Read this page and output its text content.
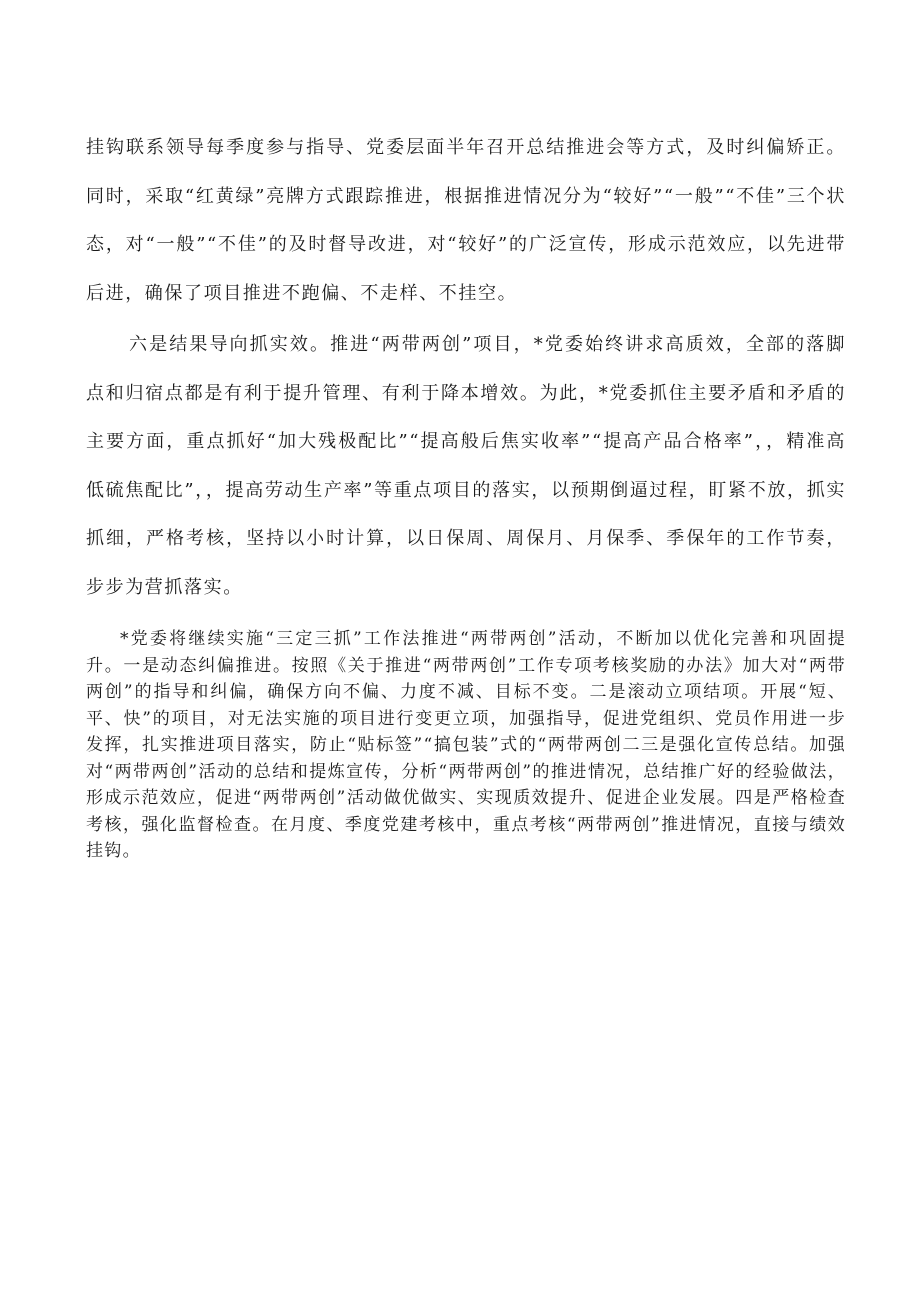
挂钩联系领导每季度参与指导、党委层面半年召开总结推进会等方式，及时纠偏矫正。同时，采取“红黄绿”亮牌方式跟踪推进，根据推进情况分为“较好”“一般”“不佳”三个状态，对“一般”“不佳”的及时督导改进，对“较好”的广泛宣传，形成示范效应，以先进带后进，确保了项目推进不跑偏、不走样、不挂空。

六是结果导向抓实效。推进“两带两创”项目，*党委始终讲求高质效，全部的落脚点和归宿点都是有利于提升管理、有利于降本增效。为此，*党委抓住主要矛盾和矛盾的主要方面，重点抓好“加大残极配比”“提高般后焦实收率”“提高产品合格率”，，精准高低硫焦配比”，，提高劳动生产率”等重点项目的落实，以预期倒逼过程，盯紧不放，抓实抓细，严格考核，坚持以小时计算，以日保周、周保月、月保季、季保年的工作节奏，步步为营抓落实。

*党委将继续实施“三定三抓”工作法推进“两带两创”活动，不断加以优化完善和巩固提升。一是动态纠偏推进。按照《关于推进“两带两创”工作专项考核奖励的办法》加大对“两带两创”的指导和纠偏，确保方向不偏、力度不减、目标不变。二是滚动立项结项。开展“短、平、快”的项目，对无法实施的项目进行变更立项，加强指导，促进党组织、党员作用进一步发挥，扎实推进项目落实，防止“贴标签”“搞包装”式的“两带两创二三是强化宣传总结。加强对“两带两创”活动的总结和提炼宣传，分析“两带两创”的推进情况，总结推广好的经验做法，形成示范效应，促进“两带两创”活动做优做实、实现质效提升、促进企业发展。四是严格检查考核，强化监督检查。在月度、季度党建考核中，重点考核“两带两创”推进情况，直接与绩效挂钩。
